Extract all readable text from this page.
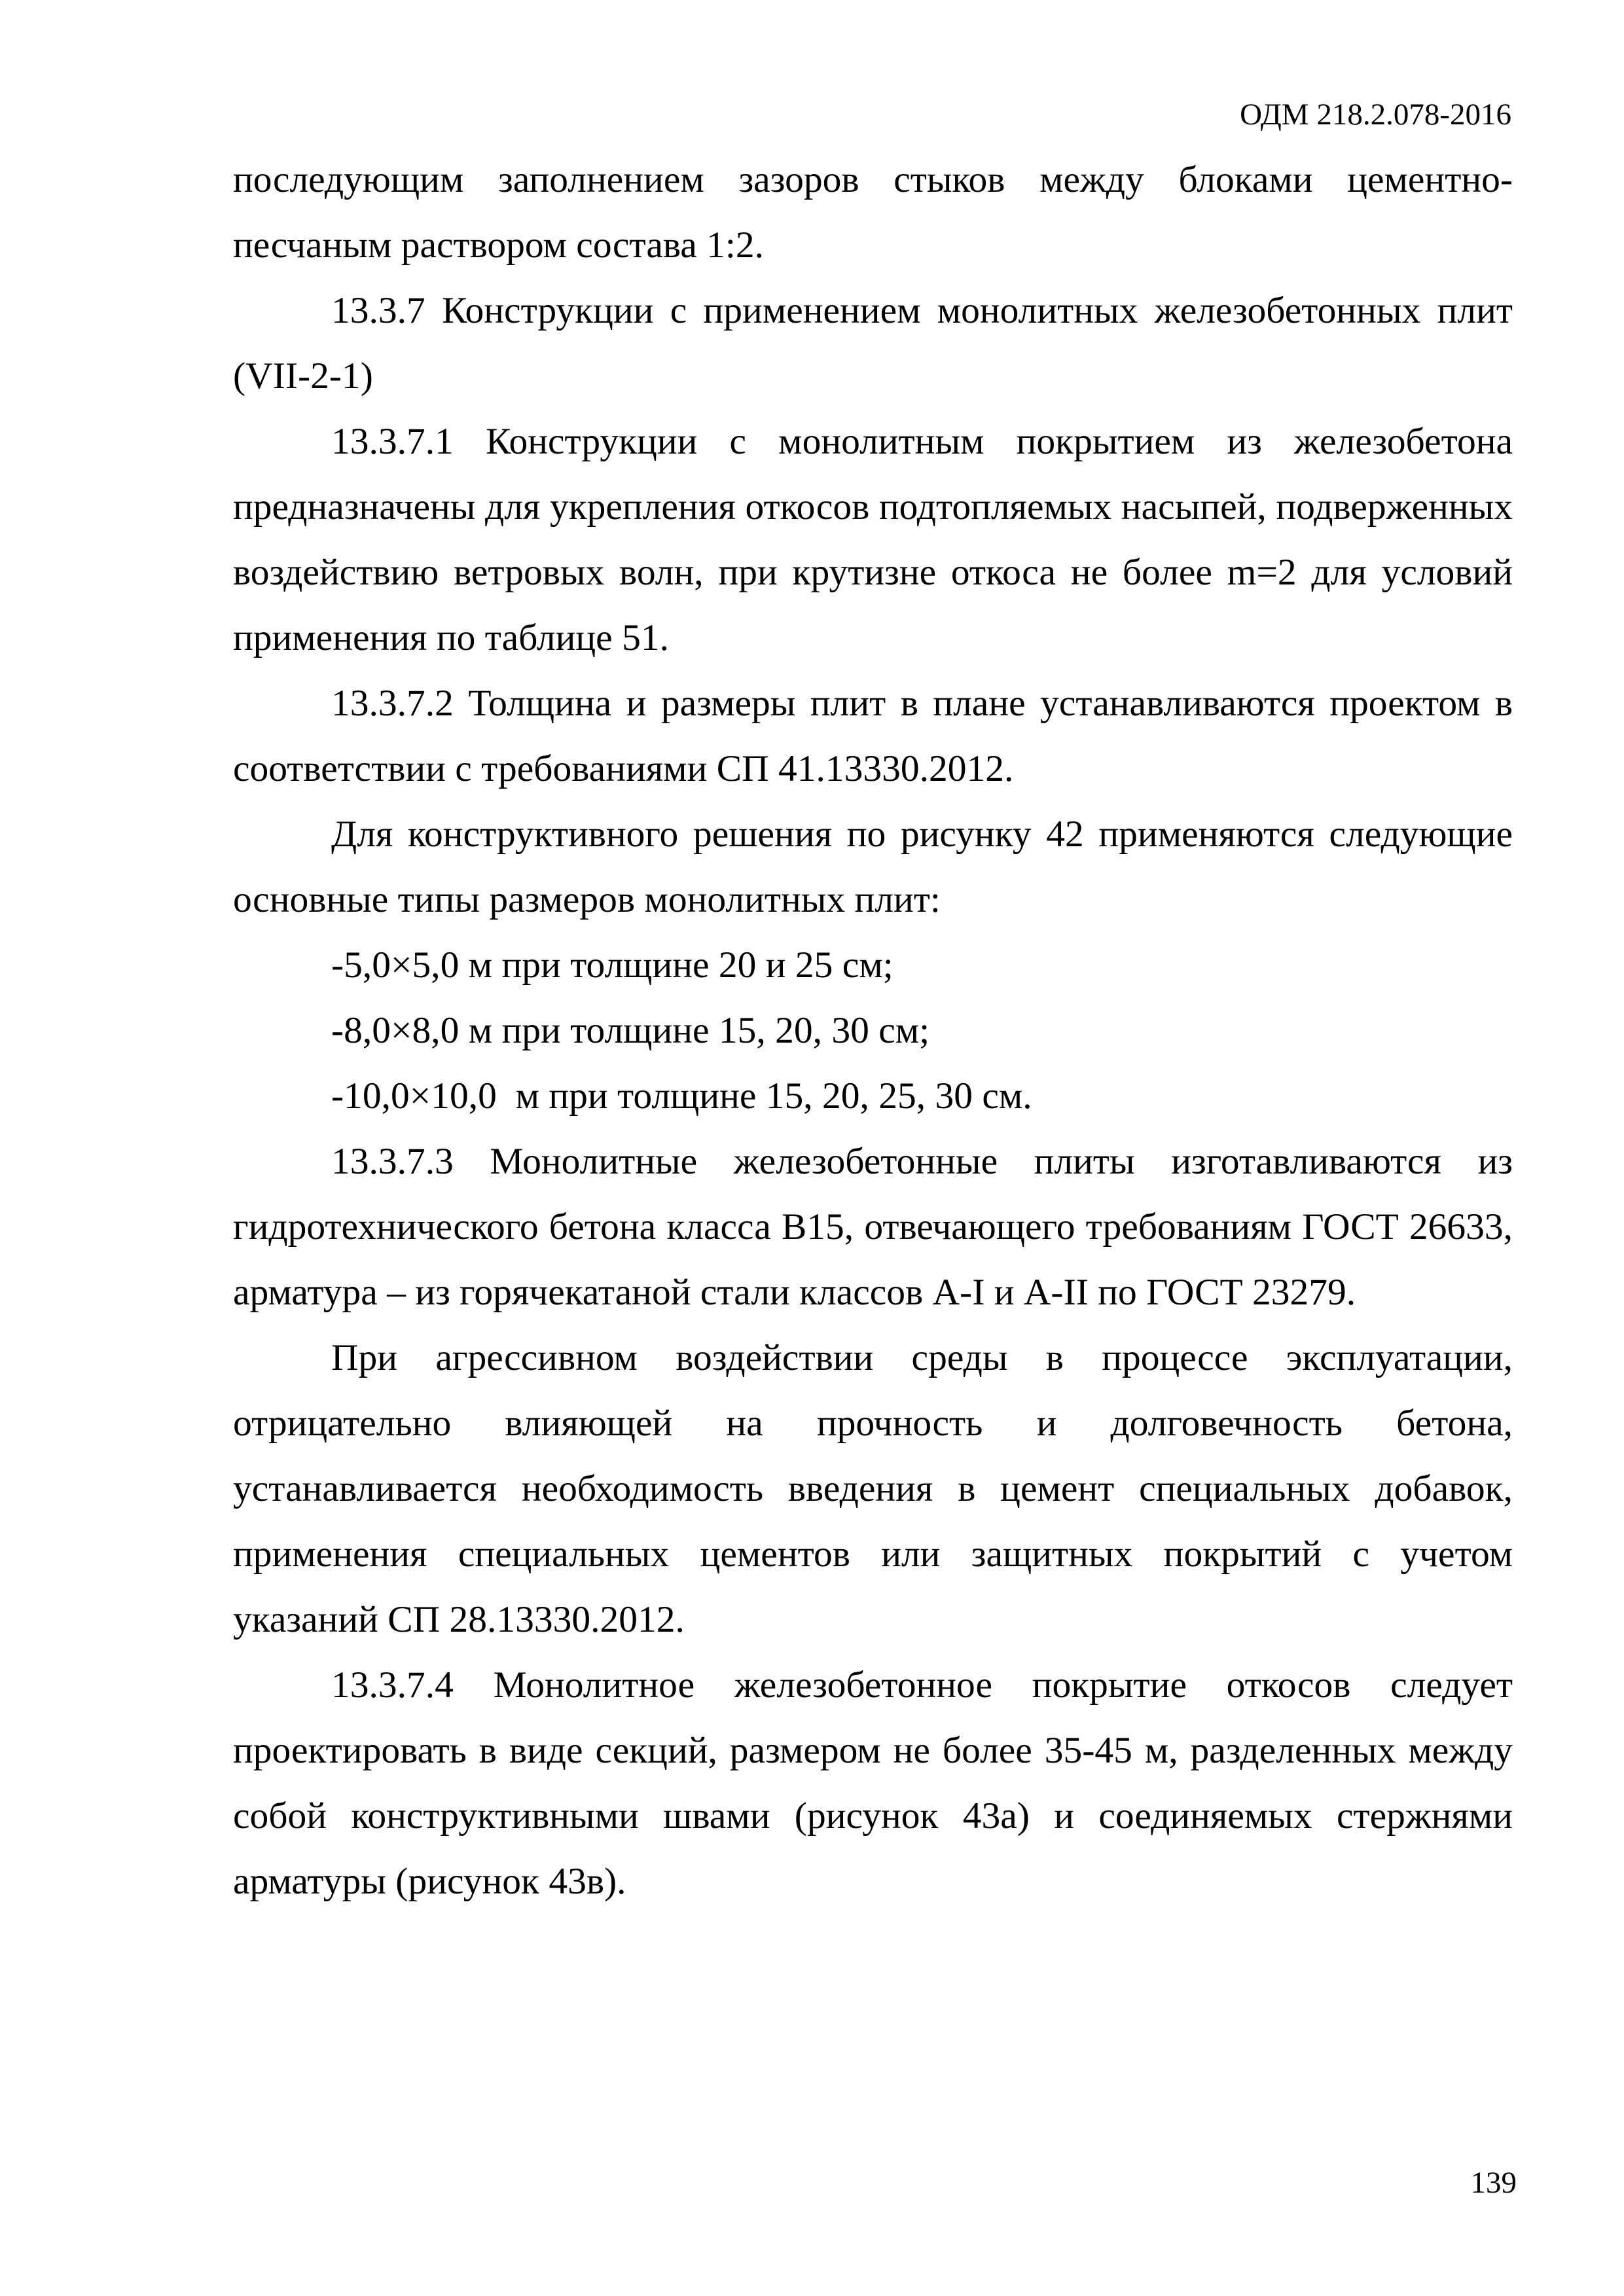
ОДМ 218.2.078-2016

последующим заполнением зазоров стыков между блоками цементно-песчаным раствором состава 1:2.

13.3.7 Конструкции с применением монолитных железобетонных плит (VII-2-1)

13.3.7.1 Конструкции с монолитным покрытием из железобетона предназначены для укрепления откосов подтопляемых насыпей, подверженных воздействию ветровых волн, при крутизне откоса не более m=2 для условий применения по таблице 51.

13.3.7.2 Толщина и размеры плит в плане устанавливаются проектом в соответствии с требованиями СП 41.13330.2012.

Для конструктивного решения по рисунку 42 применяются следующие основные типы размеров монолитных плит:

-5,0×5,0 м при толщине 20 и 25 см;

-8,0×8,0 м при толщине 15, 20, 30 см;

-10,0×10,0  м при толщине 15, 20, 25, 30 см.

13.3.7.3 Монолитные железобетонные плиты изготавливаются из гидротехнического бетона класса B15, отвечающего требованиям ГОСТ 26633, арматура – из горячекатаной стали классов A-I и A-II по ГОСТ 23279.

При агрессивном воздействии среды в процессе эксплуатации, отрицательно влияющей на прочность и долговечность бетона, устанавливается необходимость введения в цемент специальных добавок, применения специальных цементов или защитных покрытий с учетом указаний СП 28.13330.2012.

13.3.7.4 Монолитное железобетонное покрытие откосов следует проектировать в виде секций, размером не более 35-45 м, разделенных между собой конструктивными швами (рисунок 43а) и соединяемых стержнями арматуры (рисунок 43в).

139
